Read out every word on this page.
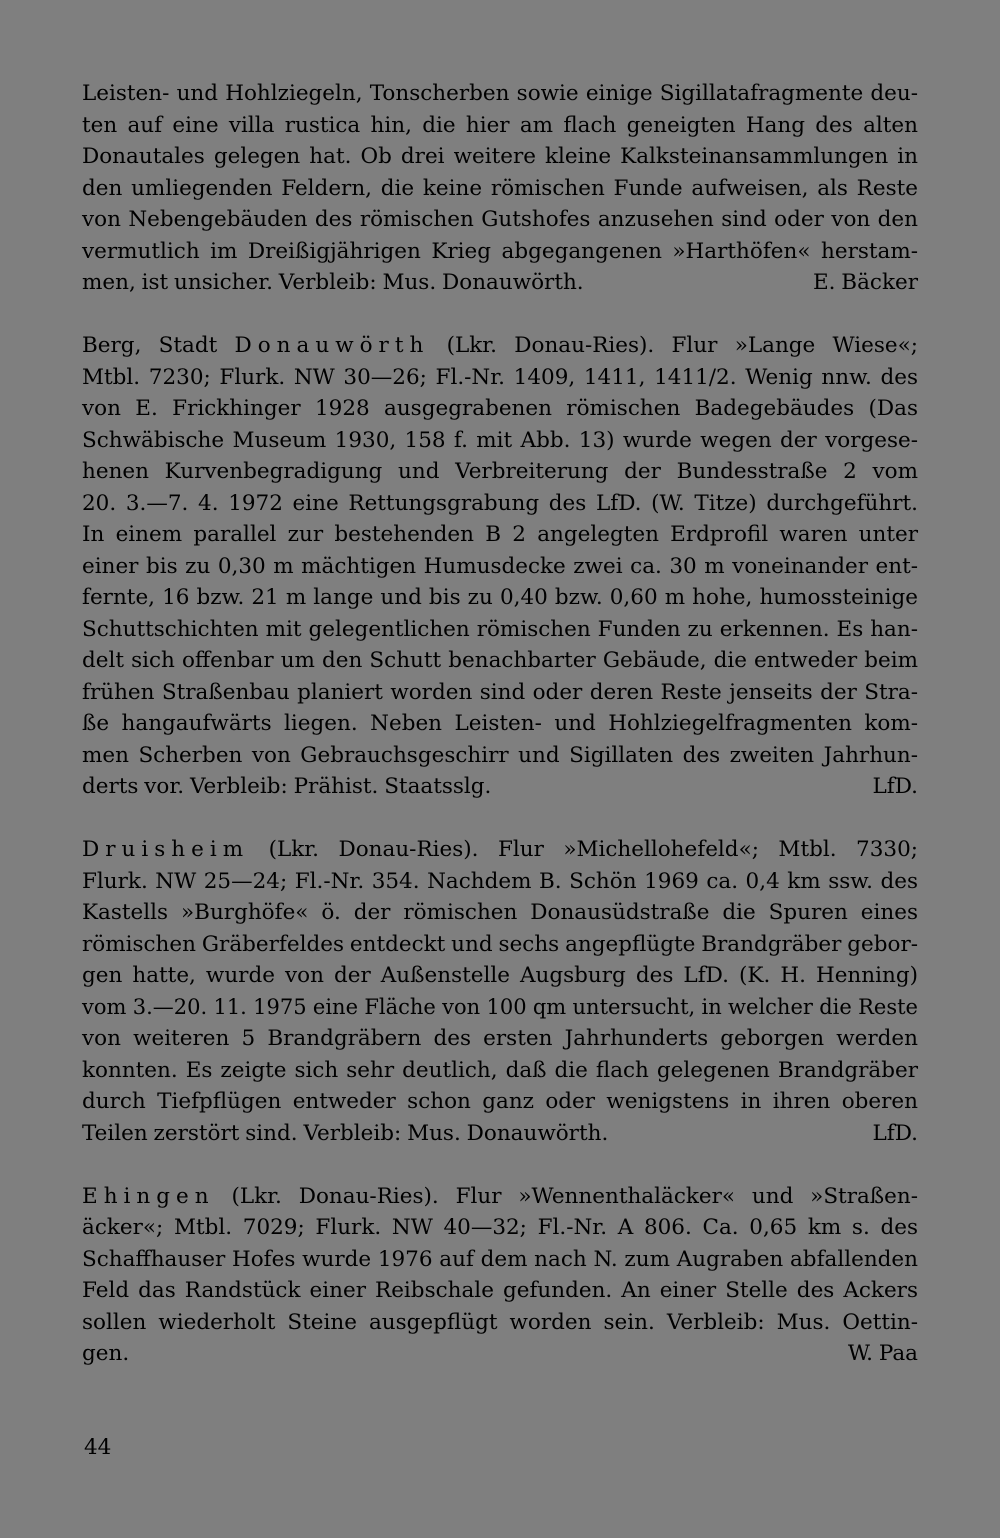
Leisten- und Hohlziegeln, Tonscherben sowie einige Sigillatafragmente deu-
ten auf eine villa rustica hin, die hier am flach geneigten Hang des alten
Donautales gelegen hat. Ob drei weitere kleine Kalksteinansammlungen in
den umliegenden Feldern, die keine römischen Funde aufweisen, als Reste
von Nebengebäuden des römischen Gutshofes anzusehen sind oder von den
vermutlich im Dreißigjährigen Krieg abgegangenen »Harthöfen« herstam-
men, ist unsicher. Verbleib: Mus. Donauwörth.	E. Bäcker
Berg, Stadt Donauwörth (Lkr. Donau-Ries). Flur »Lange Wiese«;
Mtbl. 7230; Flurk. NW 30—26; Fl.-Nr. 1409, 1411, 1411/2. Wenig nnw. des
von E. Frickhinger 1928 ausgegrabenen römischen Badegebäudes (Das
Schwäbische Museum 1930, 158 f. mit Abb. 13) wurde wegen der vorgese-
henen Kurvenbegradigung und Verbreiterung der Bundesstraße 2 vom
20. 3.—7. 4. 1972 eine Rettungsgrabung des LfD. (W. Titze) durchgeführt.
In einem parallel zur bestehenden B 2 angelegten Erdprofil waren unter
einer bis zu 0,30 m mächtigen Humusdecke zwei ca. 30 m voneinander ent-
fernte, 16 bzw. 21 m lange und bis zu 0,40 bzw. 0,60 m hohe, humossteinige
Schuttschichten mit gelegentlichen römischen Funden zu erkennen. Es han-
delt sich offenbar um den Schutt benachbarter Gebäude, die entweder beim
frühen Straßenbau planiert worden sind oder deren Reste jenseits der Stra-
ße hangaufwärts liegen. Neben Leisten- und Hohlziegelfragmenten kom-
men Scherben von Gebrauchsgeschirr und Sigillaten des zweiten Jahrhun-
derts vor. Verbleib: Prähist. Staatsslg.	LfD.
Druisheim (Lkr. Donau-Ries). Flur »Michellohefeld«; Mtbl. 7330;
Flurk. NW 25—24; Fl.-Nr. 354. Nachdem B. Schön 1969 ca. 0,4 km ssw. des
Kastells »Burghöfe« ö. der römischen Donausüdstraße die Spuren eines
römischen Gräberfeldes entdeckt und sechs angepflügte Brandgräber gebor-
gen hatte, wurde von der Außenstelle Augsburg des LfD. (K. H. Henning)
vom 3.—20. 11. 1975 eine Fläche von 100 qm untersucht, in welcher die Reste
von weiteren 5 Brandgräbern des ersten Jahrhunderts geborgen werden
konnten. Es zeigte sich sehr deutlich, daß die flach gelegenen Brandgräber
durch Tiefpflügen entweder schon ganz oder wenigstens in ihren oberen
Teilen zerstört sind. Verbleib: Mus. Donauwörth.	LfD.
Ehingen (Lkr. Donau-Ries). Flur »Wennenthaläcker« und »Straßen-
äcker«; Mtbl. 7029; Flurk. NW 40—32; Fl.-Nr. A 806. Ca. 0,65 km s. des
Schaffhauser Hofes wurde 1976 auf dem nach N. zum Augraben abfallenden
Feld das Randstück einer Reibschale gefunden. An einer Stelle des Ackers
sollen wiederholt Steine ausgepflügt worden sein. Verbleib: Mus. Oettin-
gen.	W. Paa
44
